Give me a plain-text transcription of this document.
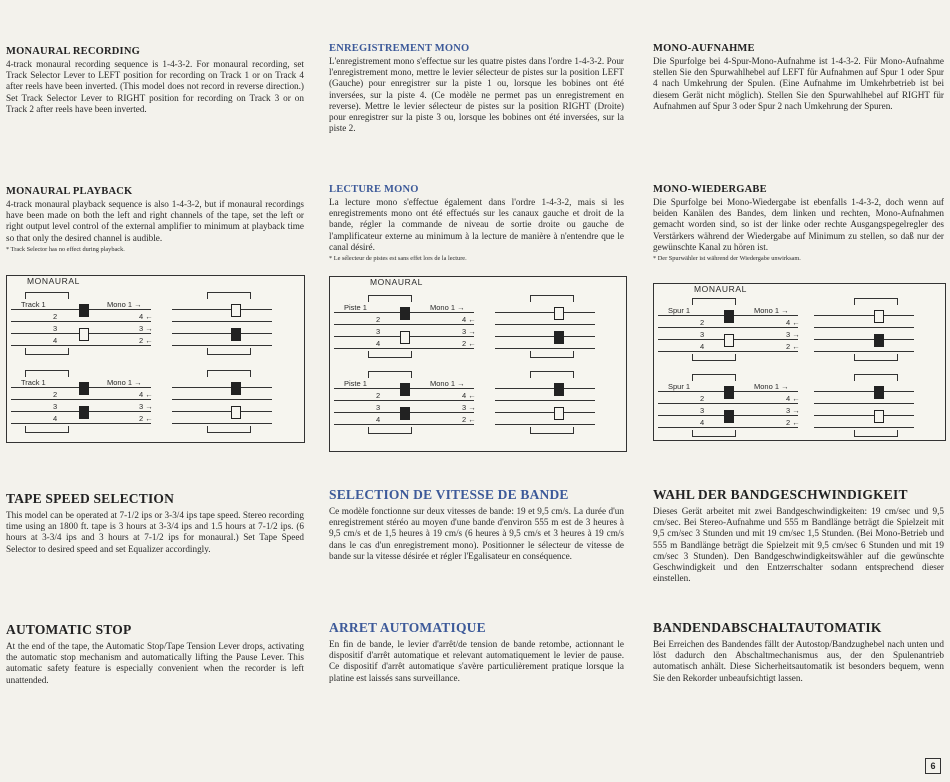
MONAURAL RECORDING

4-track monaural recording sequence is 1-4-3-2. For monaural recording, set Track Selector Lever to LEFT position for recording on Track 1 or on Track 4 after reels have been inverted. (This model does not record in reverse direction.) Set Track Selector Lever to RIGHT position for recording on Track 3 or on Track 2 after reels have been inverted.

MONAURAL PLAYBACK

4-track monaural playback sequence is also 1-4-3-2, but if monaural recordings have been made on both the left and right channels of the tape, set the left or right output level control of the external amplifier to minimum at playback time so that only the desired channel is audible.

* Track Selector has no effect during playback.

MONAURAL
Track 1	Mono 1 →
2	4 ←
3	3 →
4	2 ←
Track 1	Mono 1 →
2	4 ←
3	3 →
4	2 ←

TAPE SPEED SELECTION

This model can be operated at 7-1/2 ips or 3-3/4 ips tape speed. Stereo recording time using an 1800 ft. tape is 3 hours at 3-3/4 ips and 1.5 hours at 7-1/2 ips. (6 hours at 3-3/4 ips and 3 hours at 7-1/2 ips for monaural.) Set Tape Speed Selector to desired speed and set Equalizer accordingly.

AUTOMATIC STOP

At the end of the tape, the Automatic Stop/Tape Tension Lever drops, activating the automatic stop mechanism and automatically lifting the Pause Lever. This automatic safety feature is especially convenient when the recorder is left unattended.

ENREGISTREMENT MONO

L'enregistrement mono s'effectue sur les quatre pistes dans l'ordre 1-4-3-2. Pour l'enregistrement mono, mettre le levier sélecteur de pistes sur la position LEFT (Gauche) pour enregistrer sur la piste 1 ou, lorsque les bobines ont été inversées, sur la piste 4. (Ce modèle ne permet pas un enregistrement en reverse). Mettre le levier sélecteur de pistes sur la position RIGHT (Droite) pour enregistrer sur la piste 3 ou, lorsque les bobines ont été inversées, sur la piste 2.

LECTURE MONO

La lecture mono s'effectue également dans l'ordre 1-4-3-2, mais si les enregistrements mono ont été effectués sur les canaux gauche et droit de la bande, régler la commande de niveau de sortie droite ou gauche de l'amplificateur externe au minimum à la lecture de manière à n'entendre que le canal désiré.

* Le sélecteur de pistes est sans effet lors de la lecture.

MONAURAL
Piste 1	Mono 1 →
2	4 ←
3	3 →
4	2 ←
Piste 1	Mono 1 →
2	4 ←
3	3 →
4	2 ←

SELECTION DE VITESSE DE BANDE

Ce modèle fonctionne sur deux vitesses de bande: 19 et 9,5 cm/s. La durée d'un enregistrement stéréo au moyen d'une bande d'environ 555 m est de 3 heures à 9,5 cm/s et de 1,5 heures à 19 cm/s (6 heures à 9,5 cm/s et 3 heures à 19 cm/s dans le cas d'un enregistrement mono). Positionner le sélecteur de vitesse de bande sur la vitesse désirée et régler l'Egalisateur en conséquence.

ARRET AUTOMATIQUE

En fin de bande, le levier d'arrêt/de tension de bande retombe, actionnant le dispositif d'arrêt automatique et relevant automatiquement le levier de pause. Ce dispositif d'arrêt automatique s'avère particulièrement pratique lorsque la platine est laissés sans surveillance.

MONO-AUFNAHME

Die Spurfolge bei 4-Spur-Mono-Aufnahme ist 1-4-3-2. Für Mono-Aufnahme stellen Sie den Spurwahlhebel auf LEFT für Aufnahmen auf Spur 1 oder Spur 4 nach Umkehrung der Spulen. (Eine Aufnahme im Umkehrbetrieb ist bei diesem Gerät nicht möglich). Stellen Sie den Spurwahlhebel auf RIGHT für Aufnahmen auf Spur 3 oder Spur 2 nach Umkehrung der Spuren.

MONO-WIEDERGABE

Die Spurfolge bei Mono-Wiedergabe ist ebenfalls 1-4-3-2, doch wenn auf beiden Kanälen des Bandes, dem linken und rechten, Mono-Aufnahmen gemacht worden sind, so ist der linke oder rechte Ausgangspegelregler des Verstärkers während der Wiedergabe auf Minimum zu stellen, so daß nur der gewünschte Kanal zu hören ist.

* Der Spurwähler ist während der Wiedergabe unwirksam.

MONAURAL
Spur 1	Mono 1 →
2	4 ←
3	3 →
4	2 ←
Spur 1	Mono 1 →
2	4 ←
3	3 →
4	2 ←

WAHL DER BANDGESCHWINDIGKEIT

Dieses Gerät arbeitet mit zwei Bandgeschwindigkeiten: 19 cm/sec und 9,5 cm/sec. Bei Stereo-Aufnahme und 555 m Bandlänge beträgt die Spielzeit mit 9,5 cm/sec 3 Stunden und mit 19 cm/sec 1,5 Stunden. (Bei Mono-Betrieb und 555 m Bandlänge beträgt die Spielzeit mit 9,5 cm/sec 6 Stunden und mit 19 cm/sec 3 Stunden). Den Bandgeschwindigkeitswähler auf die gewünschte Geschwindigkeit und den Entzerrschalter sodann entsprechend dieser einstellen.

BANDENDABSCHALTAUTOMATIK

Bei Erreichen des Bandendes fällt der Autostop/Bandzughebel nach unten und löst dadurch den Abschaltmechanismus aus, der den Spulenantrieb automatisch anhält. Diese Sicherheitsautomatik ist besonders bequem, wenn Sie den Rekorder unbeaufsichtigt lassen.

6
